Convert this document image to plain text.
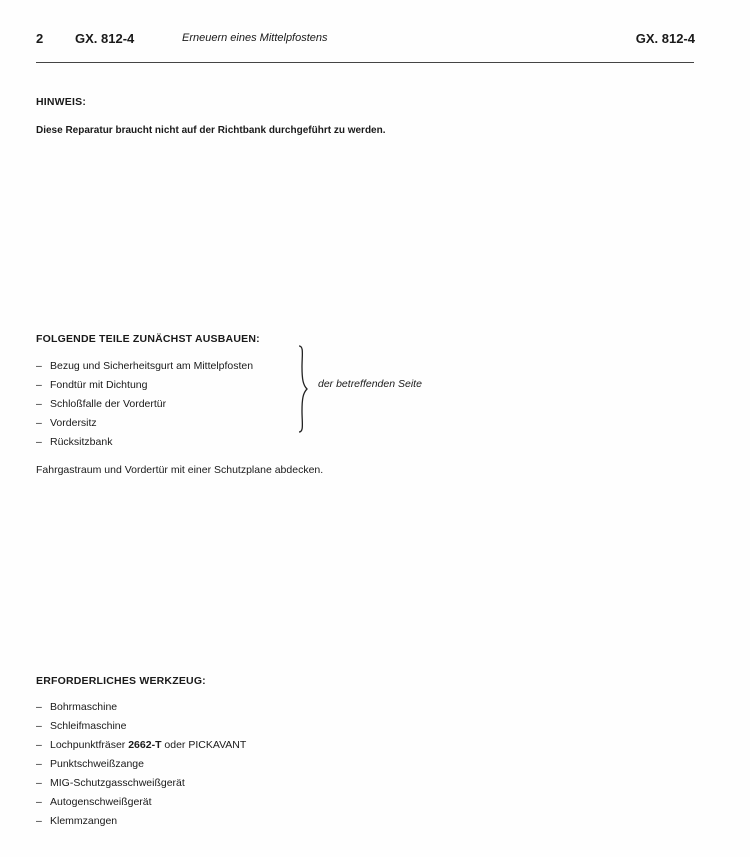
2 GX. 812-4	Erneuern eines Mittelpfostens	GX. 812-4
HINWEIS:
Diese Reparatur braucht nicht auf der Richtbank durchgeführt zu werden.
FOLGENDE TEILE ZUNÄCHST AUSBAUEN:
– Bezug und Sicherheitsgurt am Mittelpfosten
– Fondtür mit Dichtung
– Schloßfalle der Vordertür
– Vordersitz
– Rücksitzbank
der betreffenden Seite
Fahrgastraum und Vordertür mit einer Schutzplane abdecken.
ERFORDERLICHES WERKZEUG:
– Bohrmaschine
– Schleifmaschine
– Lochpunktfräser 2662-T oder PICKAVANT
– Punktschweißzange
– MIG-Schutzgasschweißgerät
– Autogenschweißgerät
– Klemmzangen
